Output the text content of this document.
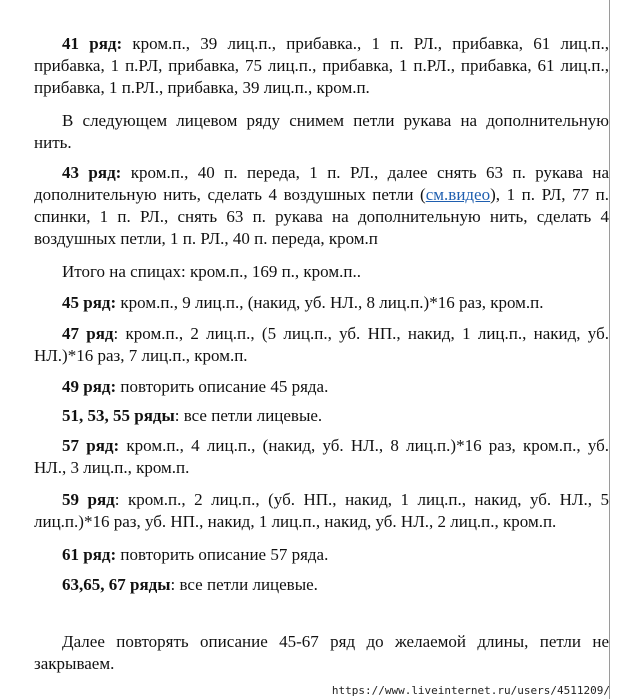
41 ряд: кром.п., 39 лиц.п., прибавка., 1 п. РЛ., прибавка, 61 лиц.п., прибавка, 1 п.РЛ, прибавка, 75 лиц.п., прибавка, 1 п.РЛ., прибавка, 61 лиц.п., прибавка, 1 п.РЛ., прибавка, 39 лиц.п., кром.п.

В следующем лицевом ряду снимем петли рукава на дополнительную нить.

43 ряд: кром.п., 40 п. переда, 1 п. РЛ., далее снять 63 п. рукава на дополнительную нить, сделать 4 воздушных петли (см.видео), 1 п. РЛ, 77 п. спинки, 1 п. РЛ., снять 63 п. рукава на дополнительную нить, сделать 4 воздушных петли, 1 п. РЛ., 40 п. переда, кром.п

Итого на спицах: кром.п., 169 п., кром.п..

45 ряд: кром.п., 9 лиц.п., (накид, уб. НЛ., 8 лиц.п.)*16 раз, кром.п.

47 ряд: кром.п., 2 лиц.п., (5 лиц.п., уб. НП., накид, 1 лиц.п., накид, уб. НЛ.)*16 раз, 7 лиц.п., кром.п.

49 ряд: повторить описание 45 ряда.

51, 53, 55 ряды: все петли лицевые.

57 ряд: кром.п., 4 лиц.п., (накид, уб. НЛ., 8 лиц.п.)*16 раз, кром.п., уб. НЛ., 3 лиц.п., кром.п.

59 ряд: кром.п., 2 лиц.п., (уб. НП., накид, 1 лиц.п., накид, уб. НЛ., 5 лиц.п.)*16 раз, уб. НП., накид, 1 лиц.п., накид, уб. НЛ., 2 лиц.п., кром.п.

61 ряд: повторить описание 57 ряда.

63,65, 67 ряды: все петли лицевые.

Далее повторять описание 45-67 ряд до желаемой длины, петли не закрываем.

https://www.liveinternet.ru/users/4511209/
